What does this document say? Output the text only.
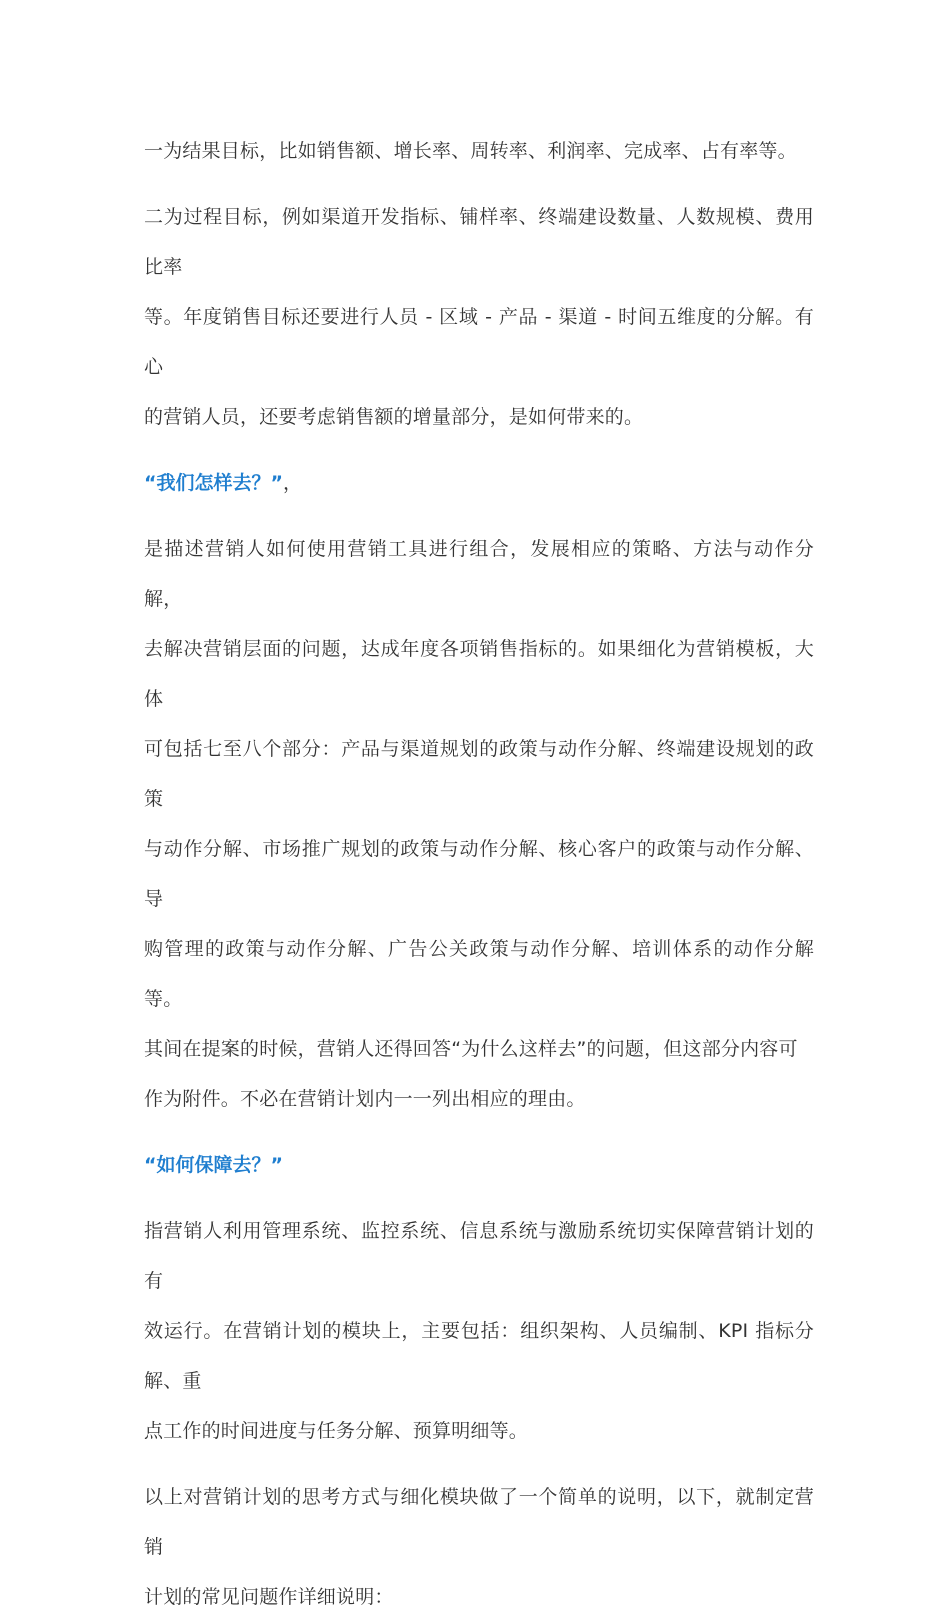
一为结果目标，比如销售额、增长率、周转率、利润率、完成率、占有率等。

二为过程目标，例如渠道开发指标、铺样率、终端建设数量、人数规模、费用比率
等。年度销售目标还要进行人员 - 区域 - 产品 - 渠道 - 时间五维度的分解。有心
的营销人员，还要考虑销售额的增量部分，是如何带来的。

“我们怎样去？”，

是描述营销人如何使用营销工具进行组合，发展相应的策略、方法与动作分解，
去解决营销层面的问题，达成年度各项销售指标的。如果细化为营销模板，大体
可包括七至八个部分：产品与渠道规划的政策与动作分解、终端建设规划的政策
与动作分解、市场推广规划的政策与动作分解、核心客户的政策与动作分解、导
购管理的政策与动作分解、广告公关政策与动作分解、培训体系的动作分解等。
其间在提案的时候，营销人还得回答“为什么这样去”的问题，但这部分内容可
作为附件。不必在营销计划内一一列出相应的理由。

“如何保障去？”

指营销人利用管理系统、监控系统、信息系统与激励系统切实保障营销计划的有
效运行。在营销计划的模块上，主要包括：组织架构、人员编制、KPI 指标分解、重
点工作的时间进度与任务分解、预算明细等。

以上对营销计划的思考方式与细化模块做了一个简单的说明，以下，就制定营销
计划的常见问题作详细说明：
